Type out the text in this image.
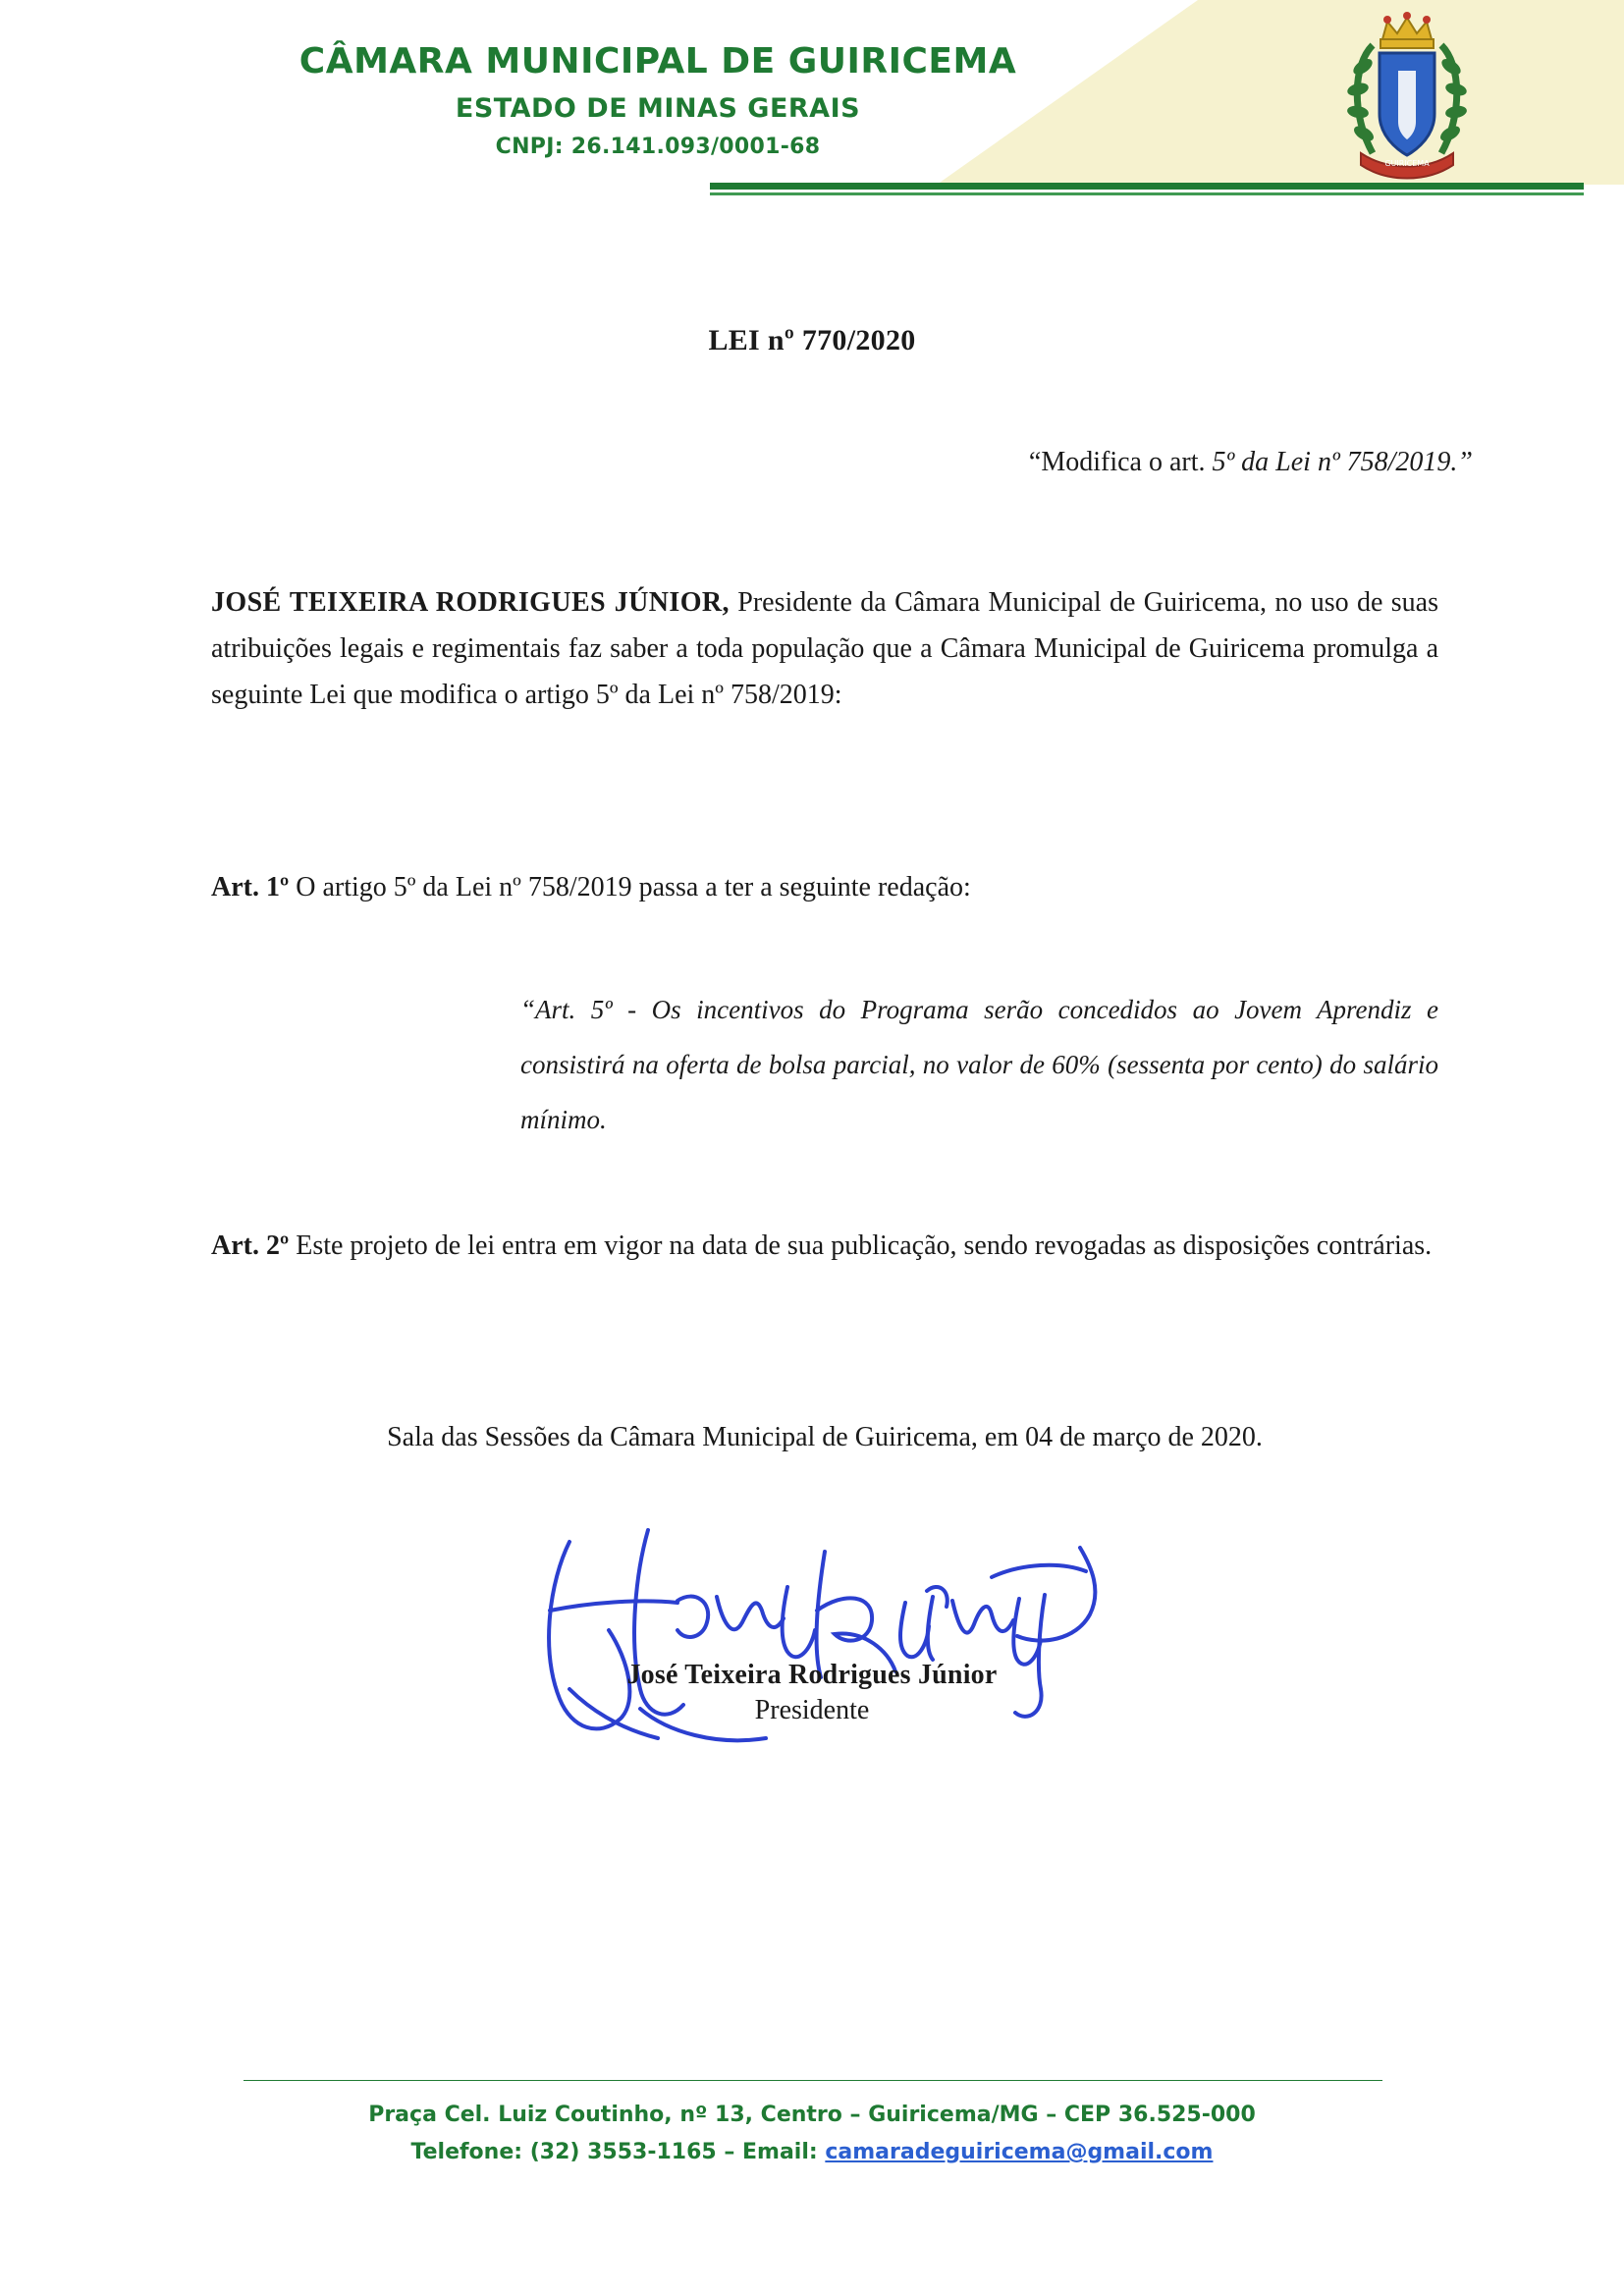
CÂMARA MUNICIPAL DE GUIRICEMA
ESTADO DE MINAS GERAIS
CNPJ: 26.141.093/0001-68
GUIRICEMA
LEI nº 770/2020
“Modifica o art. 5º da Lei nº 758/2019.”
JOSÉ TEIXEIRA RODRIGUES JÚNIOR, Presidente da Câmara Municipal de Guiricema, no uso de suas atribuições legais e regimentais faz saber a toda população que a Câmara Municipal de Guiricema promulga a seguinte Lei que modifica o artigo 5º da Lei nº 758/2019:
Art. 1º O artigo 5º da Lei nº 758/2019 passa a ter a seguinte redação:
“Art. 5º - Os incentivos do Programa serão concedidos ao Jovem Aprendiz e consistirá na oferta de bolsa parcial, no valor de 60% (sessenta por cento) do salário mínimo.
Art. 2º Este projeto de lei entra em vigor na data de sua publicação, sendo revogadas as disposições contrárias.
Sala das Sessões da Câmara Municipal de Guiricema, em 04 de março de 2020.
José Teixeira Rodrigues Júnior
Presidente
Praça Cel. Luiz Coutinho, nº 13, Centro – Guiricema/MG – CEP 36.525-000
Telefone: (32) 3553-1165 – Email: camaradeguiricema@gmail.com
